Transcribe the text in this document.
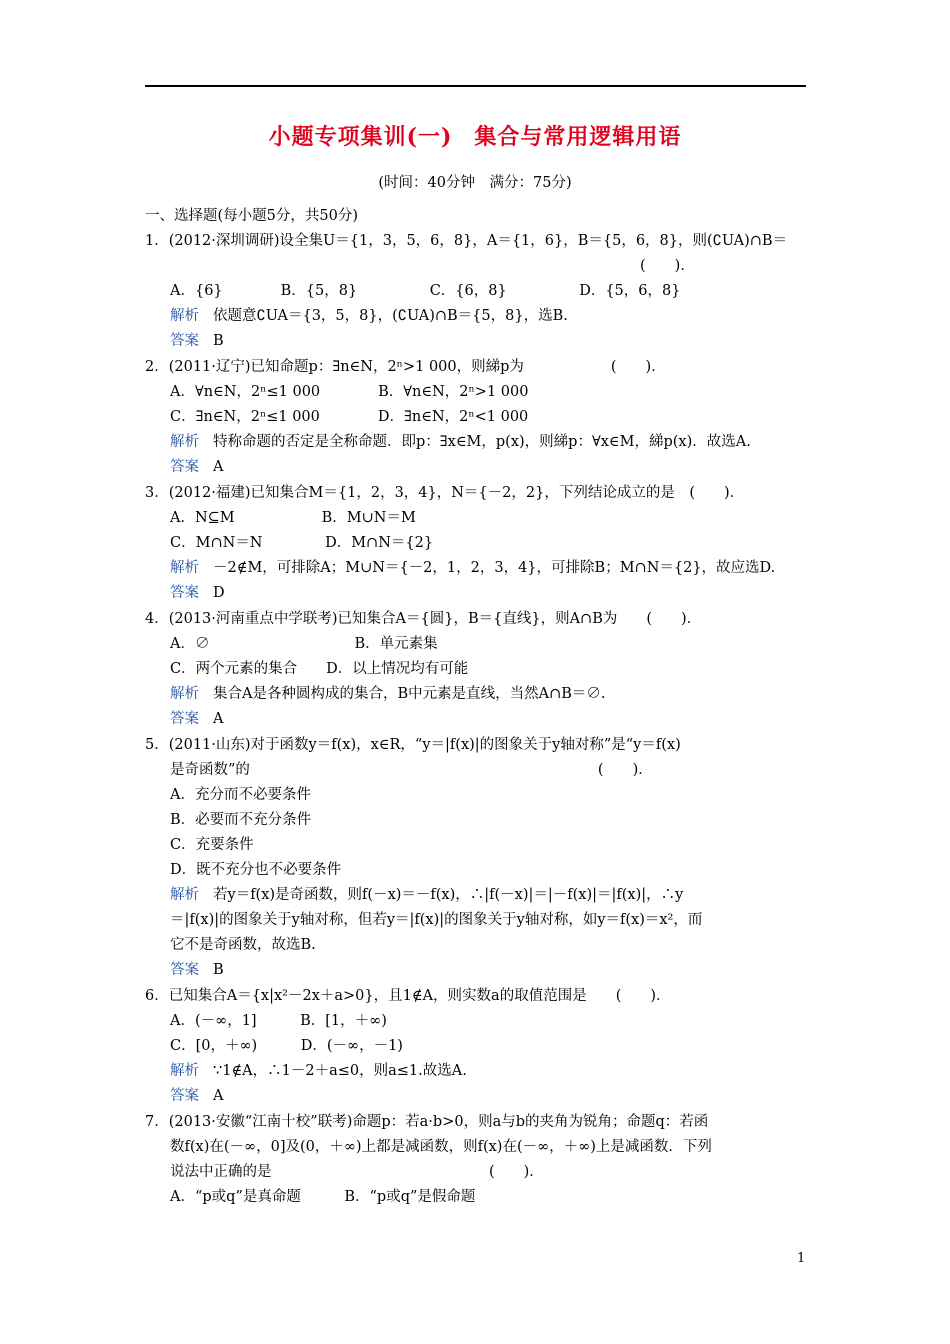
小题专项集训(一) 集合与常用逻辑用语
(时间：40分钟　满分：75分)
一、选择题(每小题5分，共50分)
1．(2012·深圳调研)设全集U＝{1，3，5，6，8}，A＝{1，6}，B＝{5，6，8}，则(∁UA)∩B＝
(　　)．
A．{6}　　　　B．{5，8}　　　　　C．{6，8}　　　　　D．{5，6，8}
解析 依题意∁UA＝{3，5，8}，(∁UA)∩B＝{5，8}，选B.
答案 B
2．(2011·辽宁)已知命题p：∃n∈N，2ⁿ>1 000，则綈p为　　　　　　(　　)．
A．∀n∈N，2ⁿ≤1 000　　　　B．∀n∈N，2ⁿ>1 000
C．∃n∈N，2ⁿ≤1 000　　　　D．∃n∈N，2ⁿ<1 000
解析 特称命题的否定是全称命题．即p：∃x∈M，p(x)，则綈p：∀x∈M，綈p(x)．故选A.
答案 A
3．(2012·福建)已知集合M＝{1，2，3，4}，N＝{－2，2}，下列结论成立的是　(　　)．
A．N⊆M　　　　　　B．M∪N＝M
C．M∩N＝N　　　　 D．M∩N＝{2}
解析 －2∉M，可排除A；M∪N＝{－2，1，2，3，4}，可排除B；M∩N＝{2}，故应选D.
答案 D
4．(2013·河南重点中学联考)已知集合A＝{圆}，B＝{直线}，则A∩B为　　(　　)．
A．∅　　　　　　　　　　B．单元素集
C．两个元素的集合　　D．以上情况均有可能
解析 集合A是各种圆构成的集合，B中元素是直线，当然A∩B＝∅.
答案 A
5．(2011·山东)对于函数y＝f(x)，x∈R，“y＝|f(x)|的图象关于y轴对称”是“y＝f(x)
是奇函数”的　　　　　　　　　　　　　　　　　　　　　　　　(　　)．
A．充分而不必要条件
B．必要而不充分条件
C．充要条件
D．既不充分也不必要条件
解析 若y＝f(x)是奇函数，则f(－x)＝－f(x)，∴|f(－x)|＝|－f(x)|＝|f(x)|，∴y
＝|f(x)|的图象关于y轴对称，但若y＝|f(x)|的图象关于y轴对称，如y＝f(x)＝x²，而
它不是奇函数，故选B.
答案 B
6．已知集合A＝{x|x²－2x＋a>0}，且1∉A，则实数a的取值范围是　　(　　)．
A．(－∞，1]　　　B．[1，＋∞)
C．[0，＋∞)　　　D．(－∞，－1)
解析 ∵1∉A，∴1－2＋a≤0，则a≤1.故选A.
答案 A
7．(2013·安徽“江南十校”联考)命题p：若a·b>0，则a与b的夹角为锐角；命题q：若函
数f(x)在(－∞，0]及(0，＋∞)上都是减函数，则f(x)在(－∞，＋∞)上是减函数．下列
说法中正确的是　　　　　　　　　　　　　　　(　　)．
A．“p或q”是真命题　　　B．“p或q”是假命题
1
